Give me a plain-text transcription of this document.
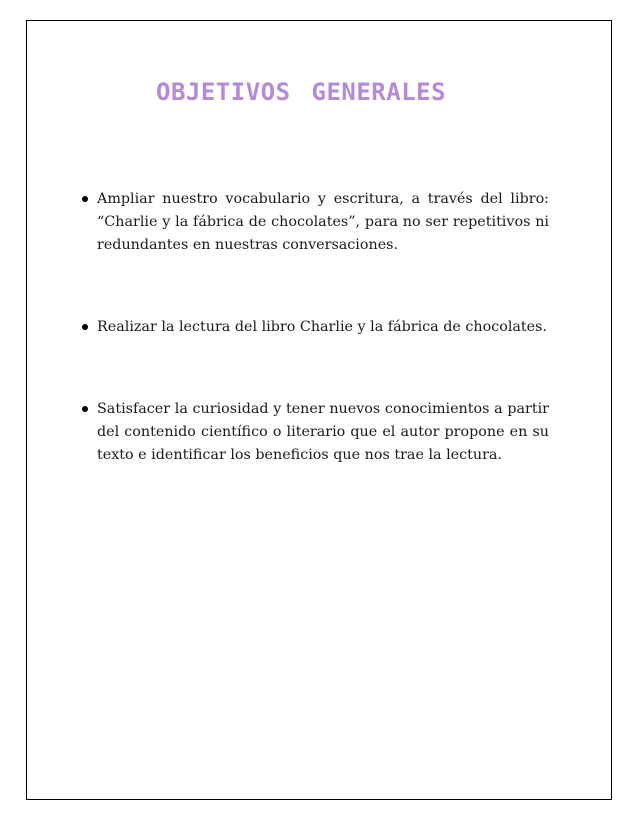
OBJETIVOS GENERALES
Ampliar nuestro vocabulario y escritura, a través del libro: “Charlie y la fábrica de chocolates”, para no ser repetitivos ni redundantes en nuestras conversaciones.
Realizar la lectura del libro Charlie y la fábrica de chocolates.
Satisfacer la curiosidad y tener nuevos conocimientos a partir del contenido científico o literario que el autor propone en su texto e identificar los beneficios que nos trae la lectura.
